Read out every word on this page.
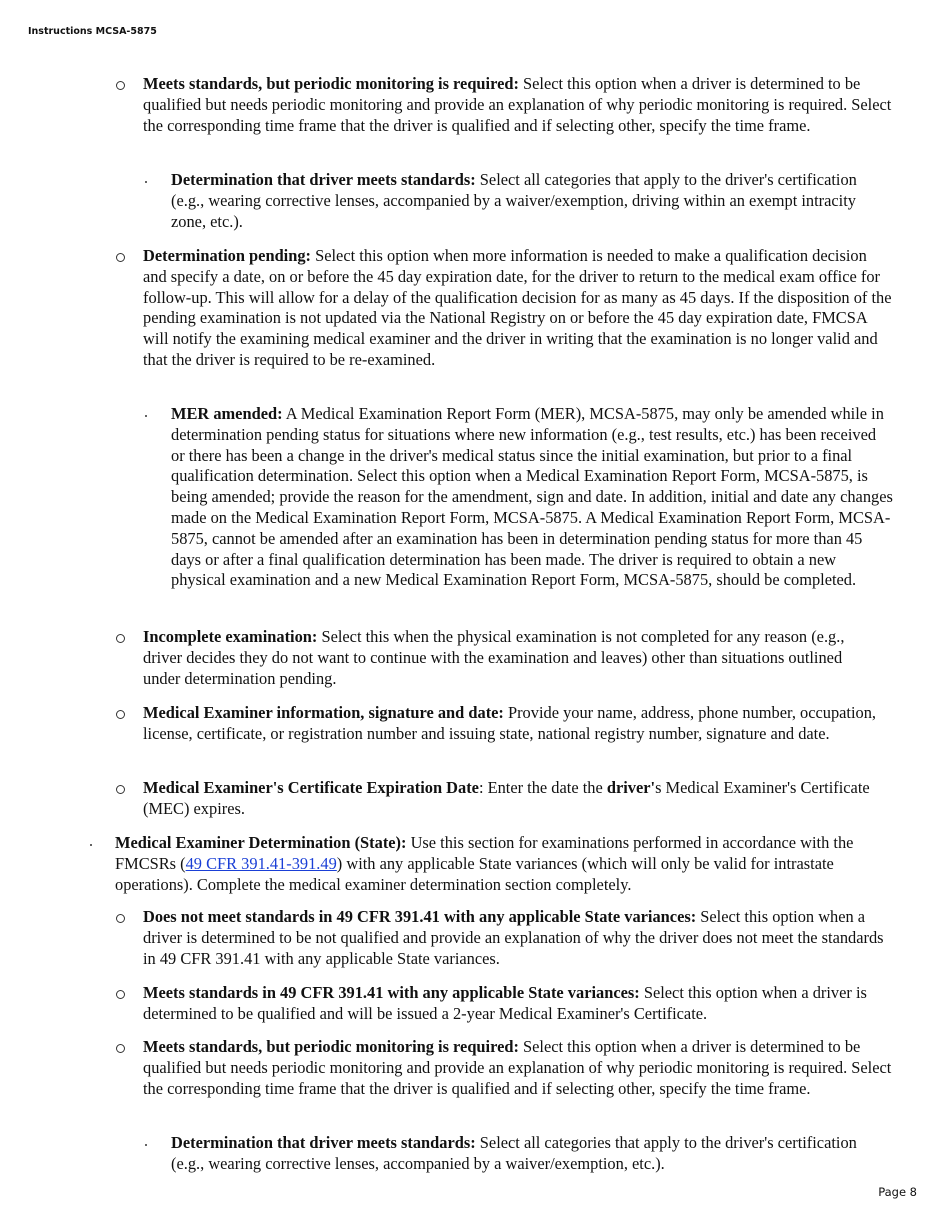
Instructions MCSA-5875
Meets standards, but periodic monitoring is required: Select this option when a driver is determined to be qualified but needs periodic monitoring and provide an explanation of why periodic monitoring is required. Select the corresponding time frame that the driver is qualified and if selecting other, specify the time frame.
Determination that driver meets standards: Select all categories that apply to the driver's certification (e.g., wearing corrective lenses, accompanied by a waiver/exemption, driving within an exempt intracity zone, etc.).
Determination pending: Select this option when more information is needed to make a qualification decision and specify a date, on or before the 45 day expiration date, for the driver to return to the medical exam office for follow-up. This will allow for a delay of the qualification decision for as many as 45 days. If the disposition of the pending examination is not updated via the National Registry on or before the 45 day expiration date, FMCSA will notify the examining medical examiner and the driver in writing that the examination is no longer valid and that the driver is required to be re-examined.
MER amended: A Medical Examination Report Form (MER), MCSA-5875, may only be amended while in determination pending status for situations where new information (e.g., test results, etc.) has been received or there has been a change in the driver's medical status since the initial examination, but prior to a final qualification determination. Select this option when a Medical Examination Report Form, MCSA-5875, is being amended; provide the reason for the amendment, sign and date. In addition, initial and date any changes made on the Medical Examination Report Form, MCSA-5875. A Medical Examination Report Form, MCSA-5875, cannot be amended after an examination has been in determination pending status for more than 45 days or after a final qualification determination has been made. The driver is required to obtain a new physical examination and a new Medical Examination Report Form, MCSA-5875, should be completed.
Incomplete examination: Select this when the physical examination is not completed for any reason (e.g., driver decides they do not want to continue with the examination and leaves) other than situations outlined under determination pending.
Medical Examiner information, signature and date: Provide your name, address, phone number, occupation, license, certificate, or registration number and issuing state, national registry number, signature and date.
Medical Examiner's Certificate Expiration Date: Enter the date the driver's Medical Examiner's Certificate (MEC) expires.
Medical Examiner Determination (State): Use this section for examinations performed in accordance with the FMCSRs (49 CFR 391.41-391.49) with any applicable State variances (which will only be valid for intrastate operations). Complete the medical examiner determination section completely.
Does not meet standards in 49 CFR 391.41 with any applicable State variances: Select this option when a driver is determined to be not qualified and provide an explanation of why the driver does not meet the standards in 49 CFR 391.41 with any applicable State variances.
Meets standards in 49 CFR 391.41 with any applicable State variances: Select this option when a driver is determined to be qualified and will be issued a 2-year Medical Examiner's Certificate.
Meets standards, but periodic monitoring is required: Select this option when a driver is determined to be qualified but needs periodic monitoring and provide an explanation of why periodic monitoring is required. Select the corresponding time frame that the driver is qualified and if selecting other, specify the time frame.
Determination that driver meets standards: Select all categories that apply to the driver's certification (e.g., wearing corrective lenses, accompanied by a waiver/exemption, etc.).
Page 8
